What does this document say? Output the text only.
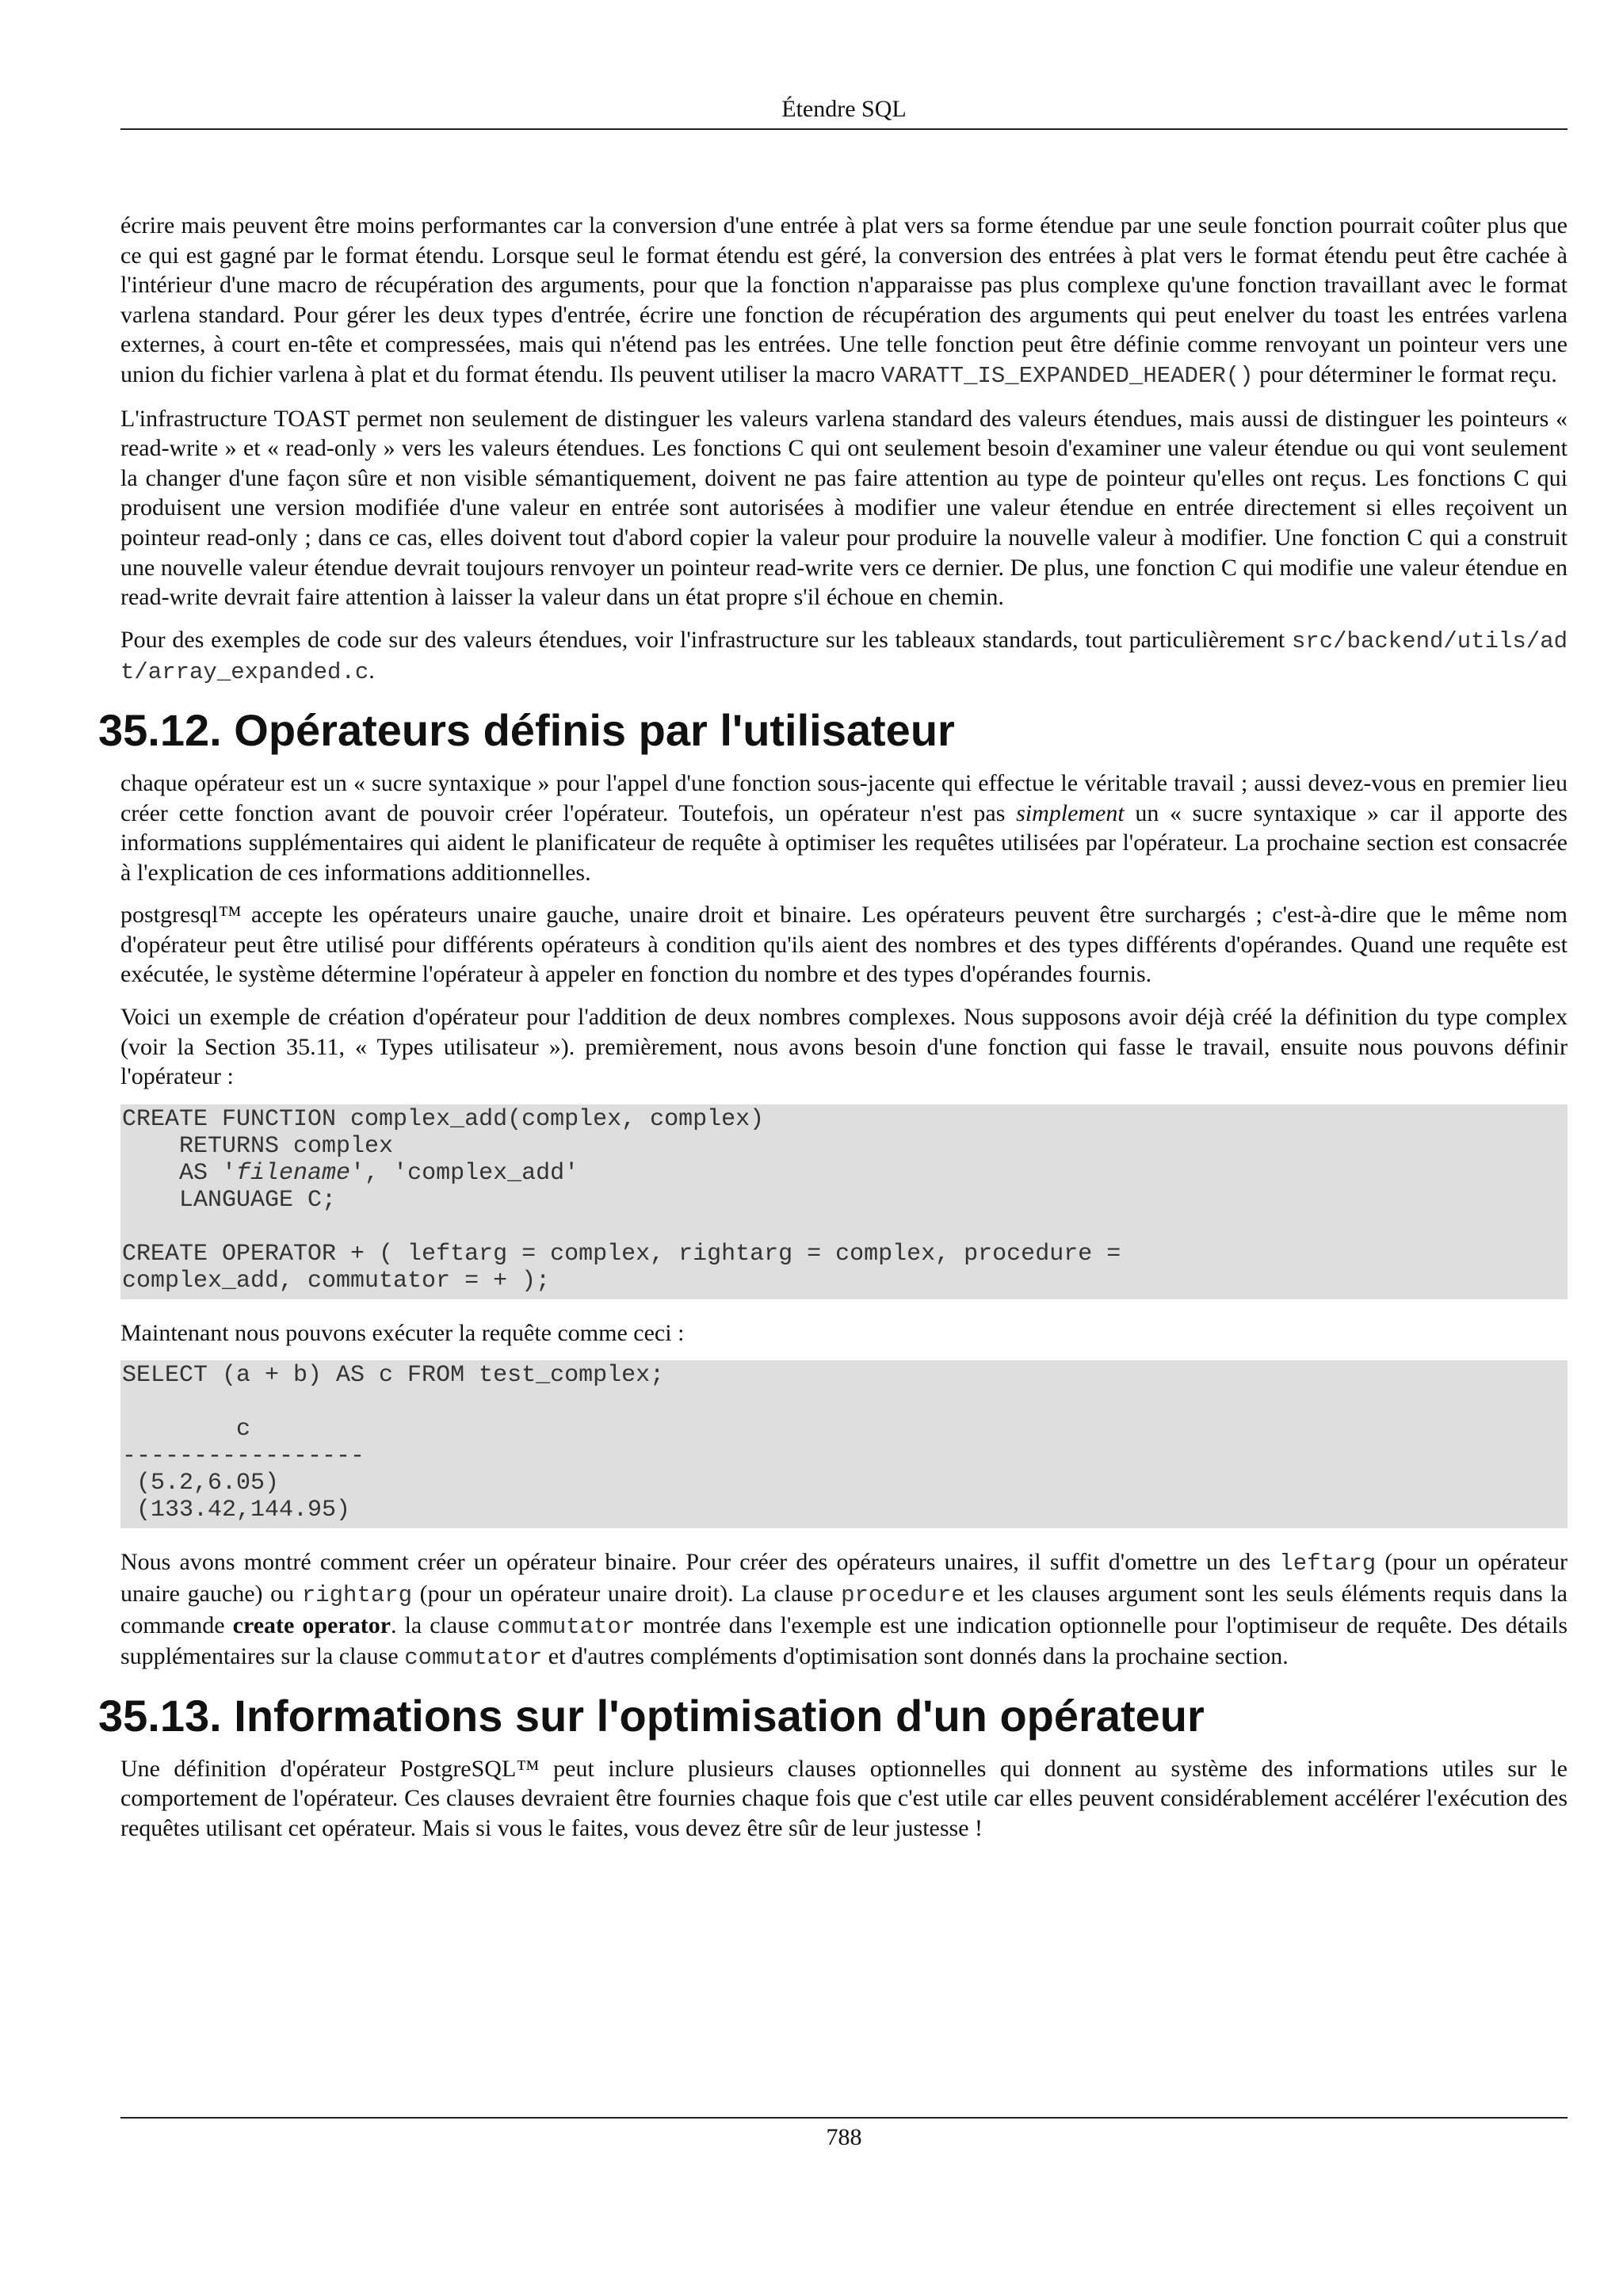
Étendre SQL

écrire mais peuvent être moins performantes car la conversion d'une entrée à plat vers sa forme étendue par une seule fonction pourrait coûter plus que ce qui est gagné par le format étendu. Lorsque seul le format étendu est géré, la conversion des entrées à plat vers le format étendu peut être cachée à l'intérieur d'une macro de récupération des arguments, pour que la fonction n'apparaisse pas plus complexe qu'une fonction travaillant avec le format varlena standard. Pour gérer les deux types d'entrée, écrire une fonction de récupération des arguments qui peut enelver du toast les entrées varlena externes, à court en-tête et compressées, mais qui n'étend pas les entrées. Une telle fonction peut être définie comme renvoyant un pointeur vers une union du fichier varlena à plat et du format étendu. Ils peuvent utiliser la macro VARATT_IS_EXPANDED_HEADER() pour déterminer le format reçu.

L'infrastructure TOAST permet non seulement de distinguer les valeurs varlena standard des valeurs étendues, mais aussi de distinguer les pointeurs « read-write » et « read-only » vers les valeurs étendues. Les fonctions C qui ont seulement besoin d'examiner une valeur étendue ou qui vont seulement la changer d'une façon sûre et non visible sémantiquement, doivent ne pas faire attention au type de pointeur qu'elles ont reçus. Les fonctions C qui produisent une version modifiée d'une valeur en entrée sont autorisées à modifier une valeur étendue en entrée directement si elles reçoivent un pointeur read-only ; dans ce cas, elles doivent tout d'abord copier la valeur pour produire la nouvelle valeur à modifier. Une fonction C qui a construit une nouvelle valeur étendue devrait toujours renvoyer un pointeur read-write vers ce dernier. De plus, une fonction C qui modifie une valeur étendue en read-write devrait faire attention à laisser la valeur dans un état propre s'il échoue en chemin.

Pour des exemples de code sur des valeurs étendues, voir l'infrastructure sur les tableaux standards, tout particulièrement src/backend/utils/adt/array_expanded.c.

35.12. Opérateurs définis par l'utilisateur

chaque opérateur est un « sucre syntaxique » pour l'appel d'une fonction sous-jacente qui effectue le véritable travail ; aussi devez-vous en premier lieu créer cette fonction avant de pouvoir créer l'opérateur. Toutefois, un opérateur n'est pas simplement un « sucre syntaxique » car il apporte des informations supplémentaires qui aident le planificateur de requête à optimiser les requêtes utilisées par l'opérateur. La prochaine section est consacrée à l'explication de ces informations additionnelles.

postgresql™ accepte les opérateurs unaire gauche, unaire droit et binaire. Les opérateurs peuvent être surchargés ; c'est-à-dire que le même nom d'opérateur peut être utilisé pour différents opérateurs à condition qu'ils aient des nombres et des types différents d'opérandes. Quand une requête est exécutée, le système détermine l'opérateur à appeler en fonction du nombre et des types d'opérandes fournis.

Voici un exemple de création d'opérateur pour l'addition de deux nombres complexes. Nous supposons avoir déjà créé la définition du type complex (voir la Section 35.11, « Types utilisateur »). premièrement, nous avons besoin d'une fonction qui fasse le travail, ensuite nous pouvons définir l'opérateur :

CREATE FUNCTION complex_add(complex, complex)
RETURNS complex
AS 'filename', 'complex_add'
LANGUAGE C;

CREATE OPERATOR + ( leftarg = complex, rightarg = complex, procedure =
complex_add, commutator = + );

Maintenant nous pouvons exécuter la requête comme ceci :

SELECT (a + b) AS c FROM test_complex;

c
-----------------
(5.2,6.05)
(133.42,144.95)

Nous avons montré comment créer un opérateur binaire. Pour créer des opérateurs unaires, il suffit d'omettre un des leftarg (pour un opérateur unaire gauche) ou rightarg (pour un opérateur unaire droit). La clause procedure et les clauses argument sont les seuls éléments requis dans la commande create operator. la clause commutator montrée dans l'exemple est une indication optionnelle pour l'optimiseur de requête. Des détails supplémentaires sur la clause commutator et d'autres compléments d'optimisation sont donnés dans la prochaine section.

35.13. Informations sur l'optimisation d'un opérateur

Une définition d'opérateur PostgreSQL™ peut inclure plusieurs clauses optionnelles qui donnent au système des informations utiles sur le comportement de l'opérateur. Ces clauses devraient être fournies chaque fois que c'est utile car elles peuvent considérablement accélérer l'exécution des requêtes utilisant cet opérateur. Mais si vous le faites, vous devez être sûr de leur justesse !

788
